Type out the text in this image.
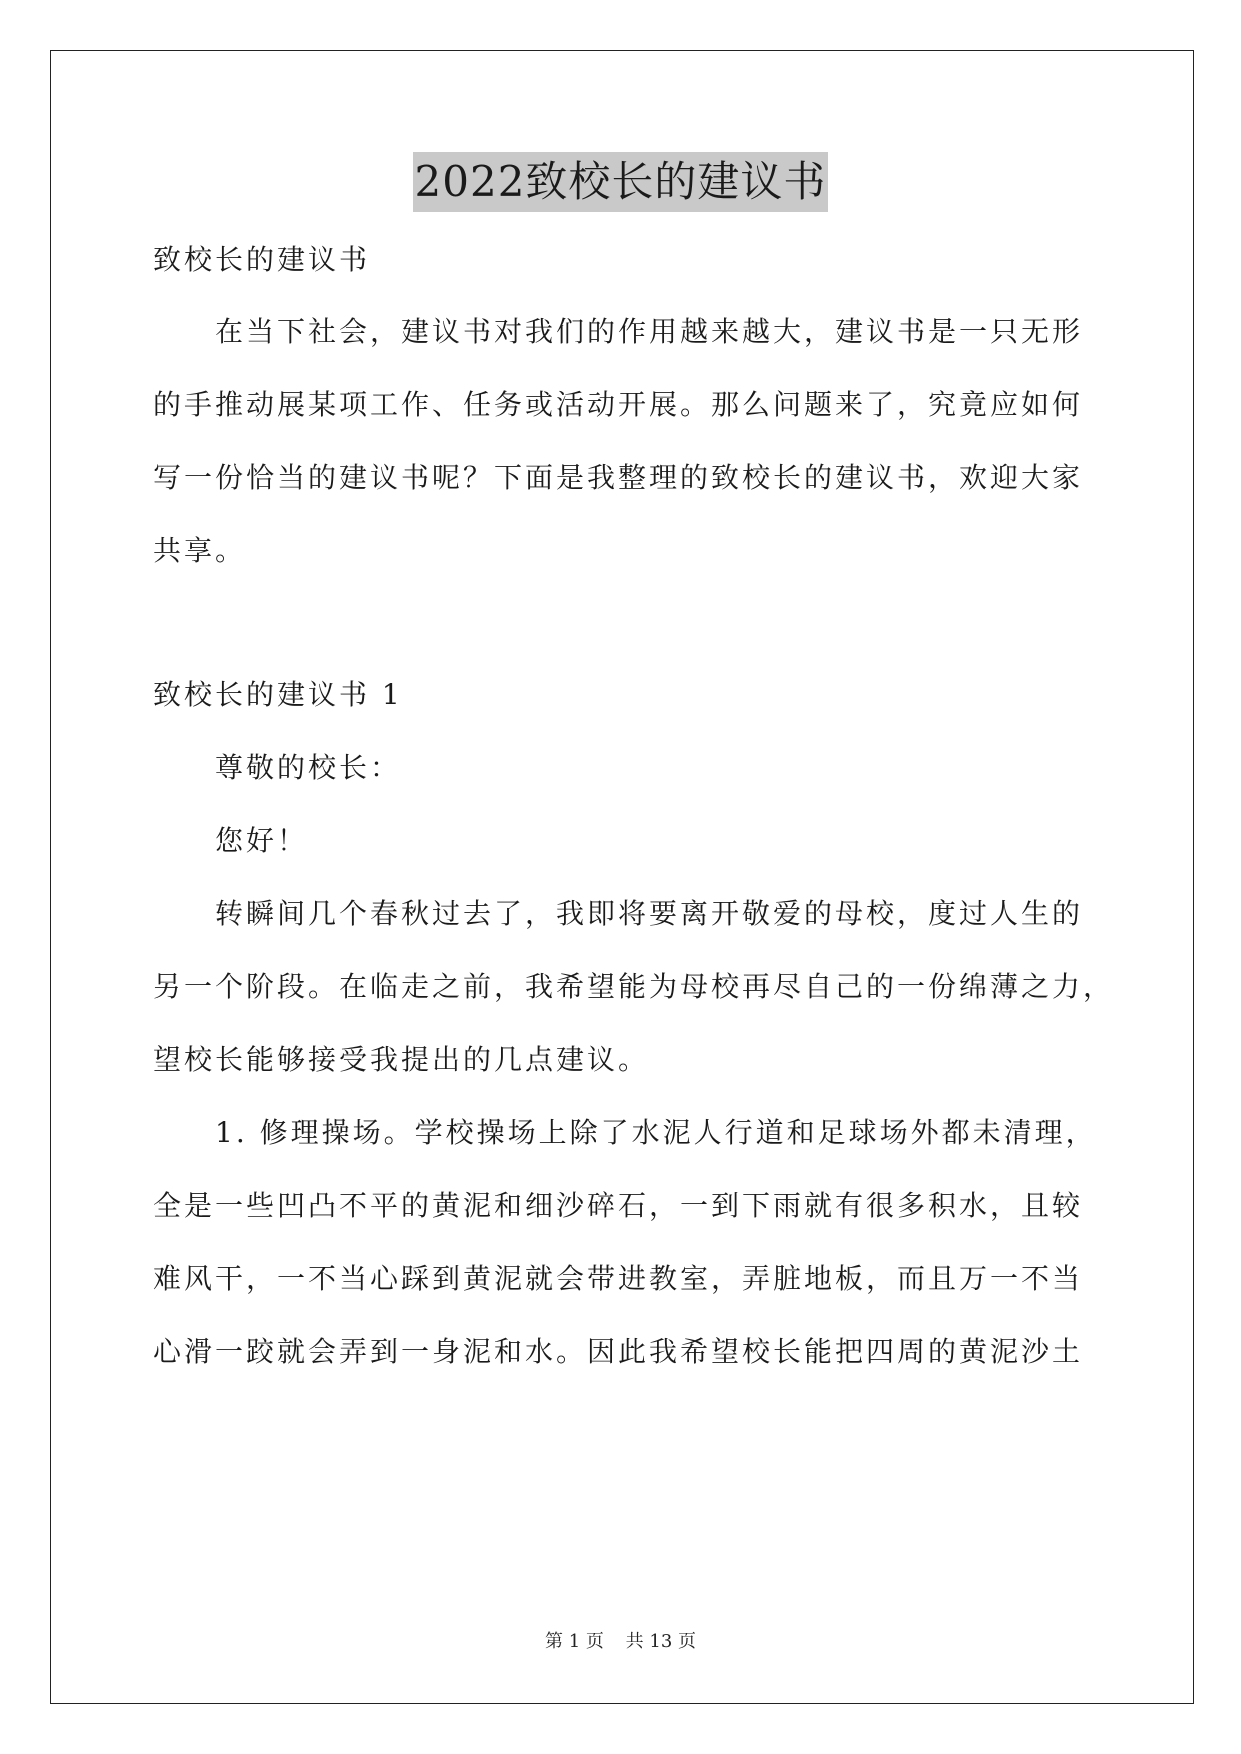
2022致校长的建议书
致校长的建议书
在当下社会，建议书对我们的作用越来越大，建议书是一只无形
的手推动展某项工作、任务或活动开展。那么问题来了，究竟应如何
写一份恰当的建议书呢？下面是我整理的致校长的建议书，欢迎大家
共享。
致校长的建议书 1
尊敬的校长：
您好！
转瞬间几个春秋过去了，我即将要离开敬爱的母校，度过人生的
另一个阶段。在临走之前，我希望能为母校再尽自己的一份绵薄之力，
望校长能够接受我提出的几点建议。
1. 修理操场。学校操场上除了水泥人行道和足球场外都未清理，
全是一些凹凸不平的黄泥和细沙碎石，一到下雨就有很多积水，且较
难风干，一不当心踩到黄泥就会带进教室，弄脏地板，而且万一不当
心滑一跤就会弄到一身泥和水。因此我希望校长能把四周的黄泥沙土
第 1 页 共 13 页
